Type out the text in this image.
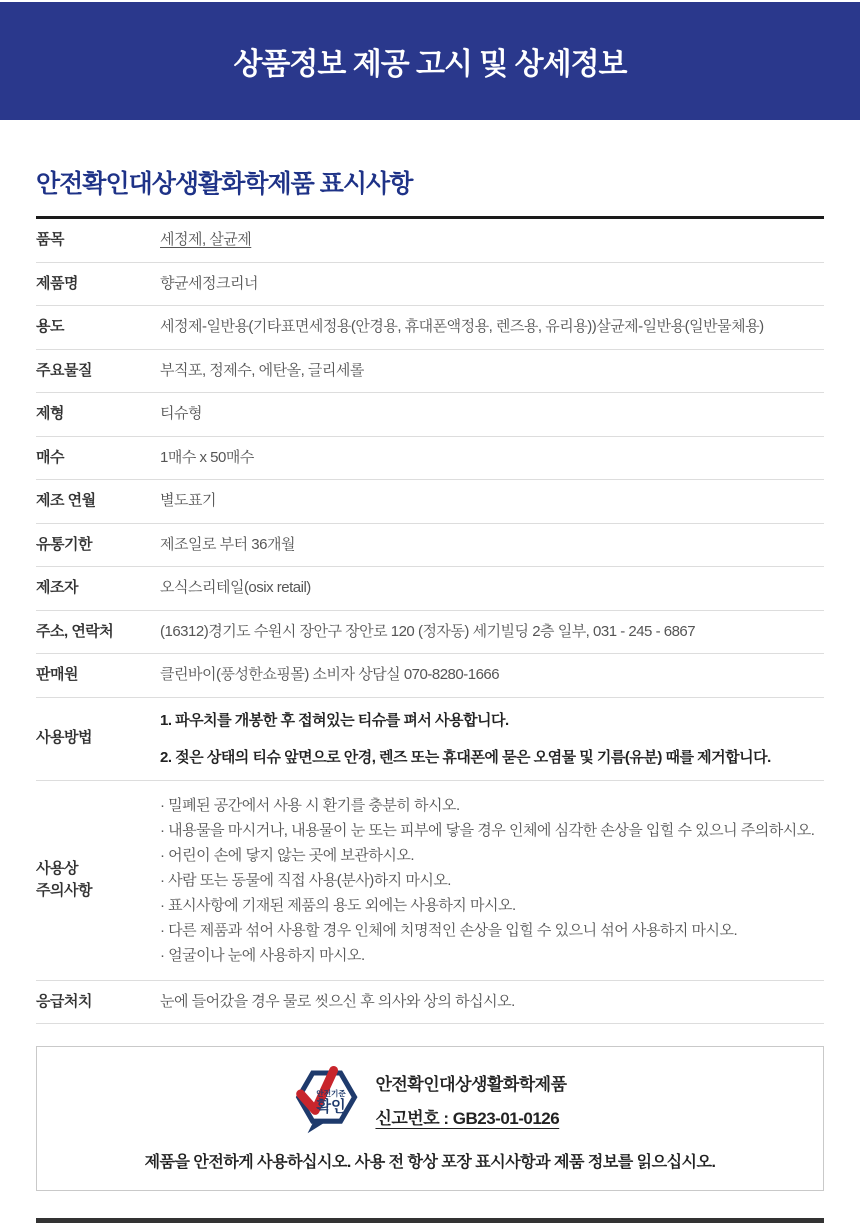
상품정보 제공 고시 및 상세정보
안전확인대상생활화학제품 표시사항
품목	세정제, 살균제
제품명	향균세정크리너
용도	세정제-일반용(기타표면세정용(안경용, 휴대폰액정용, 렌즈용, 유리용))살균제-일반용(일반물체용)
주요물질	부직포, 정제수, 에탄올, 글리세롤
제형	티슈형
매수	1매수 x 50매수
제조 연월	별도표기
유통기한	제조일로 부터 36개월
제조자	오식스리테일(osix retail)
주소, 연락처	(16312)경기도 수원시 장안구 장안로 120 (정자동) 세기빌딩 2층 일부, 031 - 245 - 6867
판매원	클린바이(풍성한쇼핑몰) 소비자 상담실 070-8280-1666
사용방법
1. 파우치를 개봉한 후 접혀있는 티슈를 펴서 사용합니다.
2. 젖은 상태의 티슈 앞면으로 안경, 렌즈 또는 휴대폰에 묻은 오염물 및 기름(유분) 때를 제거합니다.
사용상
주의사항
· 밀폐된 공간에서 사용 시 환기를 충분히 하시오.
· 내용물을 마시거나, 내용물이 눈 또는 피부에 닿을 경우 인체에 심각한 손상을 입힐 수 있으니 주의하시오.
· 어린이 손에 닿지 않는 곳에 보관하시오.
· 사람 또는 동물에 직접 사용(분사)하지 마시오.
· 표시사항에 기재된 제품의 용도 외에는 사용하지 마시오.
· 다른 제품과 섞어 사용할 경우 인체에 치명적인 손상을 입힐 수 있으니 섞어 사용하지 마시오.
· 얼굴이나 눈에 사용하지 마시오.
응급처치	눈에 들어갔을 경우 물로 씻으신 후 의사와 상의 하십시오.
안전기준
확인
안전확인대상생활화학제품
신고번호 : GB23-01-0126
제품을 안전하게 사용하십시오. 사용 전 항상 포장 표시사항과 제품 정보를 읽으십시오.
